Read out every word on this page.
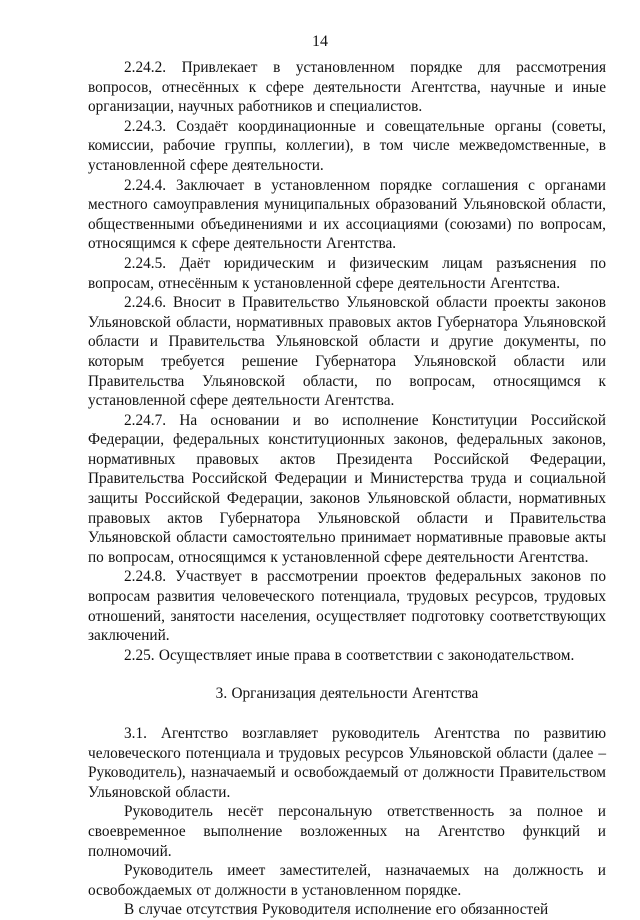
14

2.24.2. Привлекает в установленном порядке для рассмотрения вопросов, отнесённых к сфере деятельности Агентства, научные и иные организации, научных работников и специалистов.

2.24.3. Создаёт координационные и совещательные органы (советы, комиссии, рабочие группы, коллегии), в том числе межведомственные, в установленной сфере деятельности.

2.24.4. Заключает в установленном порядке соглашения с органами местного самоуправления муниципальных образований Ульяновской области, общественными объединениями и их ассоциациями (союзами) по вопросам, относящимся к сфере деятельности Агентства.

2.24.5. Даёт юридическим и физическим лицам разъяснения по вопросам, отнесённым к установленной сфере деятельности Агентства.

2.24.6. Вносит в Правительство Ульяновской области проекты законов Ульяновской области, нормативных правовых актов Губернатора Ульяновской области и Правительства Ульяновской области и другие документы, по которым требуется решение Губернатора Ульяновской области или Правительства Ульяновской области, по вопросам, относящимся к установленной сфере деятельности Агентства.

2.24.7. На основании и во исполнение Конституции Российской Федерации, федеральных конституционных законов, федеральных законов, нормативных правовых актов Президента Российской Федерации, Правительства Российской Федерации и Министерства труда и социальной защиты Российской Федерации, законов Ульяновской области, нормативных правовых актов Губернатора Ульяновской области и Правительства Ульяновской области самостоятельно принимает нормативные правовые акты по вопросам, относящимся к установленной сфере деятельности Агентства.

2.24.8. Участвует в рассмотрении проектов федеральных законов по вопросам развития человеческого потенциала, трудовых ресурсов, трудовых отношений, занятости населения, осуществляет подготовку соответствующих заключений.

2.25. Осуществляет иные права в соответствии с законодательством.

3. Организация деятельности Агентства

3.1. Агентство возглавляет руководитель Агентства по развитию человеческого потенциала и трудовых ресурсов Ульяновской области (далее – Руководитель), назначаемый и освобождаемый от должности Правительством Ульяновской области.

Руководитель несёт персональную ответственность за полное и своевременное выполнение возложенных на Агентство функций и полномочий.

Руководитель имеет заместителей, назначаемых на должность и освобождаемых от должности в установленном порядке.

В случае отсутствия Руководителя исполнение его обязанностей
